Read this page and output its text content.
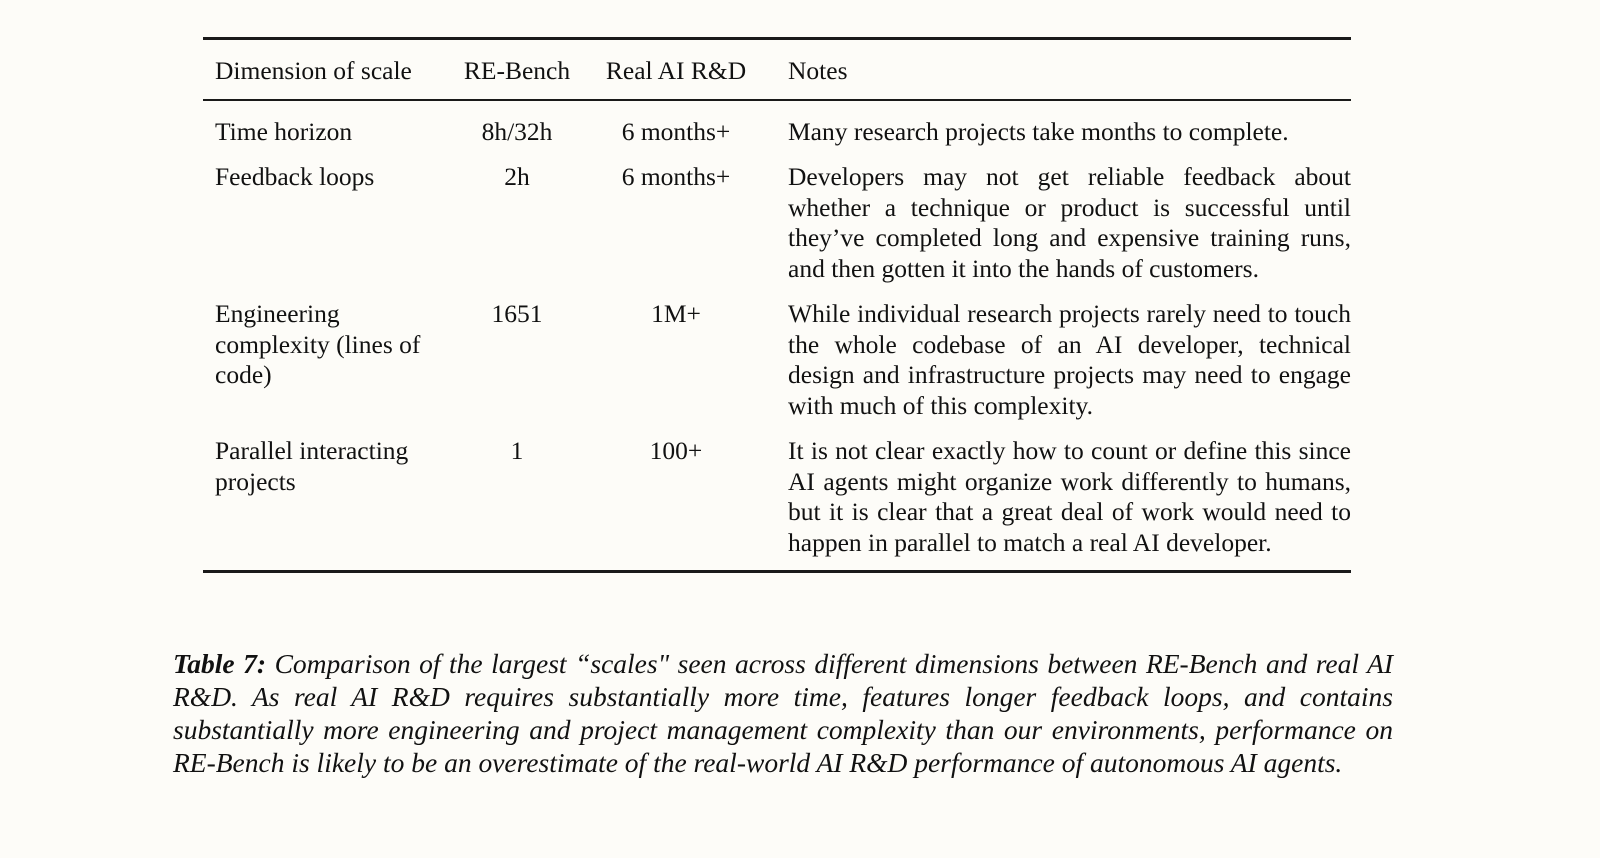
Dimension of scale	RE-Bench	Real AI R&D	Notes
Time horizon	8h/32h	6 months+	Many research projects take months to complete.
Feedback loops	2h	6 months+	Developers may not get reliable feedback about whether a technique or product is successful until they’ve completed long and expensive training runs, and then gotten it into the hands of customers.
Engineering complexity (lines of code)	1651	1M+	While individual research projects rarely need to touch the whole codebase of an AI developer, technical design and infrastructure projects may need to engage with much of this complexity.
Parallel interacting projects	1	100+	It is not clear exactly how to count or define this since AI agents might organize work differently to humans, but it is clear that a great deal of work would need to happen in parallel to match a real AI developer.
Table 7: Comparison of the largest “scales" seen across different dimensions between RE-Bench and real AI R&D. As real AI R&D requires substantially more time, features longer feedback loops, and contains substantially more engineering and project management complexity than our environments, performance on RE-Bench is likely to be an overestimate of the real-world AI R&D performance of autonomous AI agents.
